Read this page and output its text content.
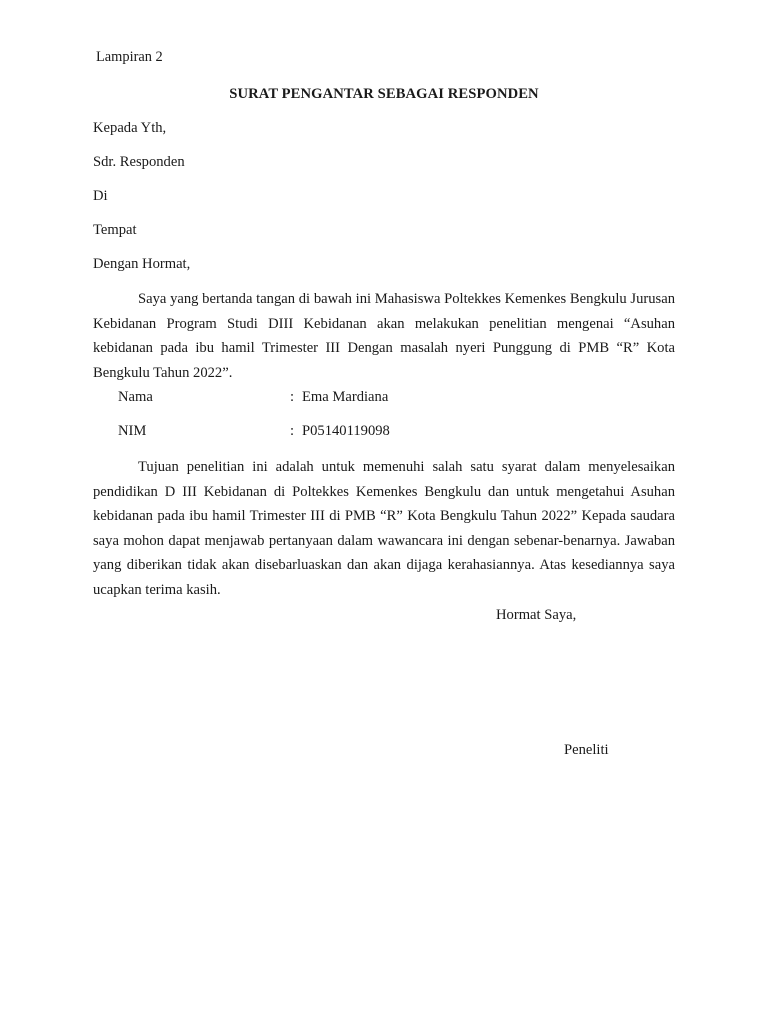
Lampiran 2
SURAT PENGANTAR SEBAGAI RESPONDEN
Kepada Yth,
Sdr. Responden
Di
Tempat
Dengan Hormat,
Saya yang bertanda tangan di bawah ini Mahasiswa Poltekkes Kemenkes Bengkulu Jurusan Kebidanan Program Studi DIII Kebidanan akan melakukan penelitian mengenai “Asuhan kebidanan pada ibu hamil Trimester III Dengan masalah nyeri Punggung di PMB “R” Kota Bengkulu Tahun 2022”.
Nama	: Ema Mardiana
NIM	: P05140119098
Tujuan penelitian ini adalah untuk memenuhi salah satu syarat dalam menyelesaikan pendidikan D III Kebidanan di Poltekkes Kemenkes Bengkulu dan untuk mengetahui Asuhan kebidanan pada ibu hamil Trimester III di PMB “R” Kota Bengkulu Tahun 2022” Kepada saudara saya mohon dapat menjawab pertanyaan dalam wawancara ini dengan sebenar-benarnya. Jawaban yang diberikan tidak akan disebarluaskan dan akan dijaga kerahasiannya. Atas kesediannya saya ucapkan terima kasih.
Hormat Saya,
Peneliti
